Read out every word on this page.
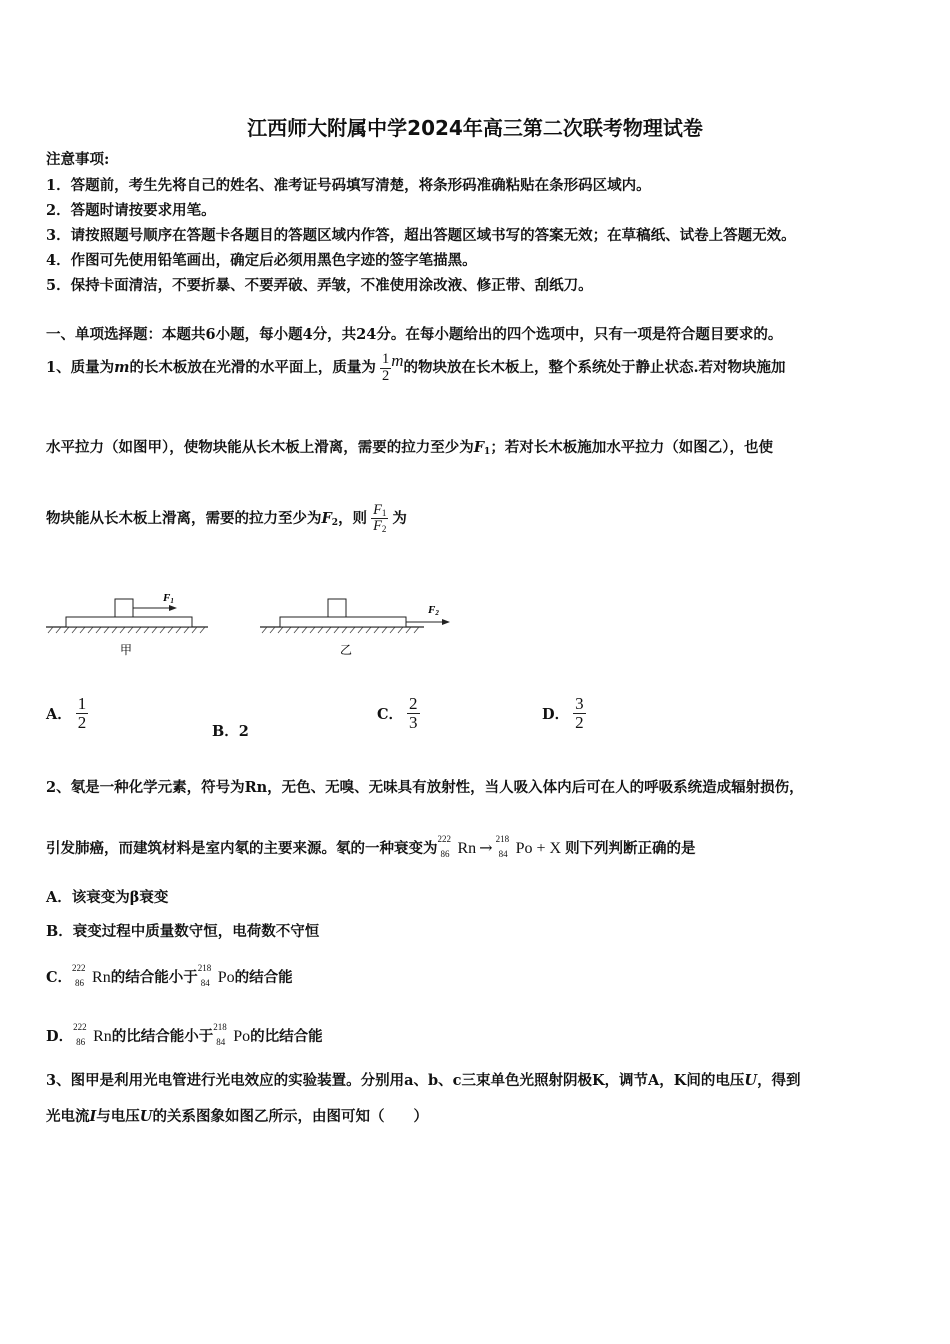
江西师大附属中学2024年高三第二次联考物理试卷
注意事项:
1．答题前，考生先将自己的姓名、准考证号码填写清楚，将条形码准确粘贴在条形码区域内。
2．答题时请按要求用笔。
3．请按照题号顺序在答题卡各题目的答题区域内作答，超出答题区域书写的答案无效；在草稿纸、试卷上答题无效。
4．作图可先使用铅笔画出，确定后必须用黑色字迹的签字笔描黑。
5．保持卡面清洁，不要折暴、不要弄破、弄皱，不准使用涂改液、修正带、刮纸刀。
一、单项选择题：本题共6小题，每小题4分，共24分。在每小题给出的四个选项中，只有一项是符合题目要求的。
1、质量为m的长木板放在光滑的水平面上，质量为 $\frac{1}{2}$ m的物块放在长木板上，整个系统处于静止状态.若对物块施加
水平拉力（如图甲），使物块能从长木板上滑离，需要的拉力至少为$F_1$；若对长木板施加水平拉力（如图乙），也使
物块能从长木板上滑离，需要的拉力至少为$F_2$，则 $\frac{F_1}{F_2}$ 为
F1
甲
F2
乙
A． $\frac{1}{2}$	B．2
C． $\frac{2}{3}$	D． $\frac{3}{2}$
2、氡是一种化学元素，符号为Rn，无色、无嗅、无味具有放射性，当人吸入体内后可在人的呼吸系统造成辐射损伤，
引发肺癌，而建筑材料是室内氡的主要来源。氡的一种衰变为
222
86 Rn → 218
84 Po + X 则下列判断正确的是
A．该衰变为β衰变
B．衰变过程中质量数守恒，电荷数不守恒
C．
222
86 Rn的结合能小于
218
84 Po的结合能
D．
222
86 Rn的比结合能小于
218
84 Po的比结合能
3、图甲是利用光电管进行光电效应的实验装置。分别用a、b、c三束单色光照射阴极K，调节A，K间的电压U，得到
光电流I与电压U的关系图象如图乙所示，由图可知（　　）
